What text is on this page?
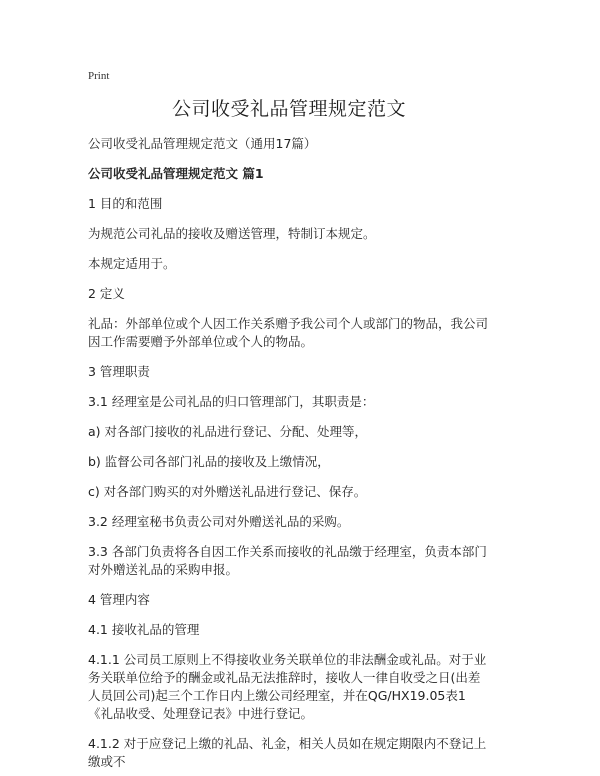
Print
公司收受礼品管理规定范文

公司收受礼品管理规定范文（通用17篇）

公司收受礼品管理规定范文 篇1

1 目的和范围

为规范公司礼品的接收及赠送管理，特制订本规定。

本规定适用于。

2 定义

礼品：外部单位或个人因工作关系赠予我公司个人或部门的物品，我公司因工作需要赠予外部单位或个人的物品。

3 管理职责

3.1 经理室是公司礼品的归口管理部门，其职责是：

a) 对各部门接收的礼品进行登记、分配、处理等，

b) 监督公司各部门礼品的接收及上缴情况，

c) 对各部门购买的对外赠送礼品进行登记、保存。

3.2 经理室秘书负责公司对外赠送礼品的采购。

3.3 各部门负责将各自因工作关系而接收的礼品缴于经理室，负责本部门对外赠送礼品的采购申报。

4 管理内容

4.1 接收礼品的管理

4.1.1 公司员工原则上不得接收业务关联单位的非法酬金或礼品。对于业务关联单位给予的酬金或礼品无法推辞时，接收人一律自收受之日(出差人员回公司)起三个工作日内上缴公司经理室，并在QG/HX19.05表1《礼品收受、处理登记表》中进行登记。

4.1.2 对于应登记上缴的礼品、礼金，相关人员如在规定期限内不登记上缴或不
